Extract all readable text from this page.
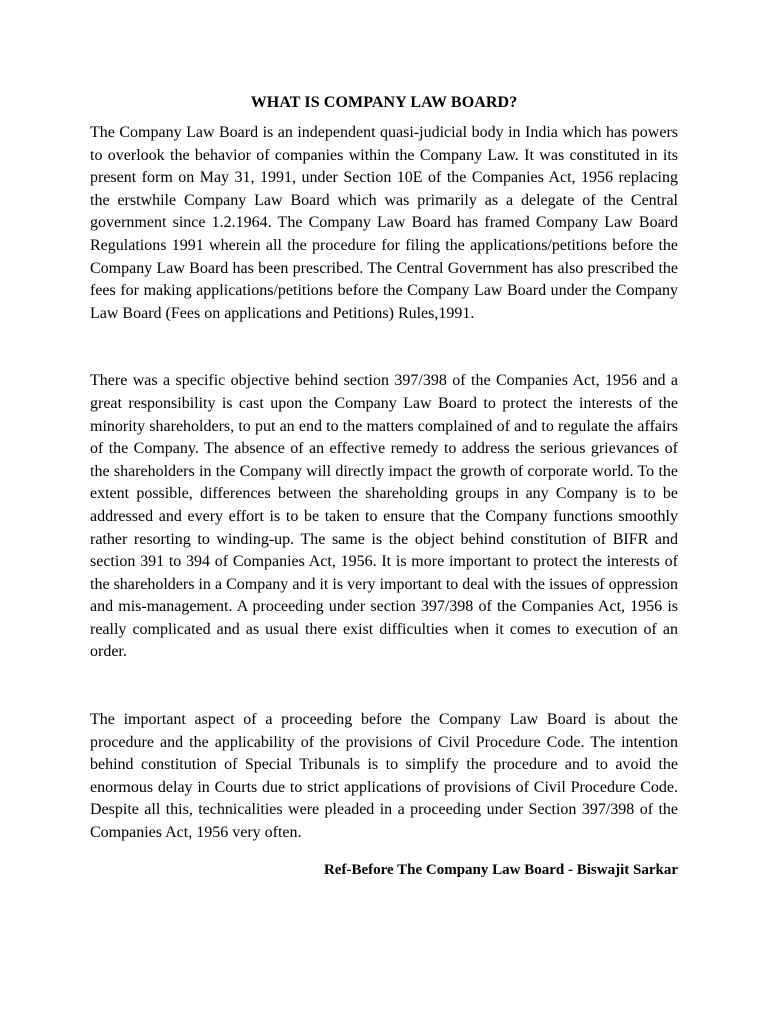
WHAT IS COMPANY LAW BOARD?

The Company Law Board is an independent quasi-judicial body in India which has powers to overlook the behavior of companies within the Company Law. It was constituted in its present form on May 31, 1991, under Section 10E of the Companies Act, 1956 replacing the erstwhile Company Law Board which was primarily as a delegate of the Central government since 1.2.1964. The Company Law Board has framed Company Law Board Regulations 1991 wherein all the procedure for filing the applications/petitions before the Company Law Board has been prescribed. The Central Government has also prescribed the fees for making applications/petitions before the Company Law Board under the Company Law Board (Fees on applications and Petitions) Rules,1991.

There was a specific objective behind section 397/398 of the Companies Act, 1956 and a great responsibility is cast upon the Company Law Board to protect the interests of the minority shareholders, to put an end to the matters complained of and to regulate the affairs of the Company. The absence of an effective remedy to address the serious grievances of the shareholders in the Company will directly impact the growth of corporate world. To the extent possible, differences between the shareholding groups in any Company is to be addressed and every effort is to be taken to ensure that the Company functions smoothly rather resorting to winding-up. The same is the object behind constitution of BIFR and section 391 to 394 of Companies Act, 1956. It is more important to protect the interests of the shareholders in a Company and it is very important to deal with the issues of oppression and mis-management. A proceeding under section 397/398 of the Companies Act, 1956 is really complicated and as usual there exist difficulties when it comes to execution of an order.

The important aspect of a proceeding before the Company Law Board is about the procedure and the applicability of the provisions of Civil Procedure Code. The intention behind constitution of Special Tribunals is to simplify the procedure and to avoid the enormous delay in Courts due to strict applications of provisions of Civil Procedure Code. Despite all this, technicalities were pleaded in a proceeding under Section 397/398 of the Companies Act, 1956 very often.

Ref-Before The Company Law Board - Biswajit Sarkar
